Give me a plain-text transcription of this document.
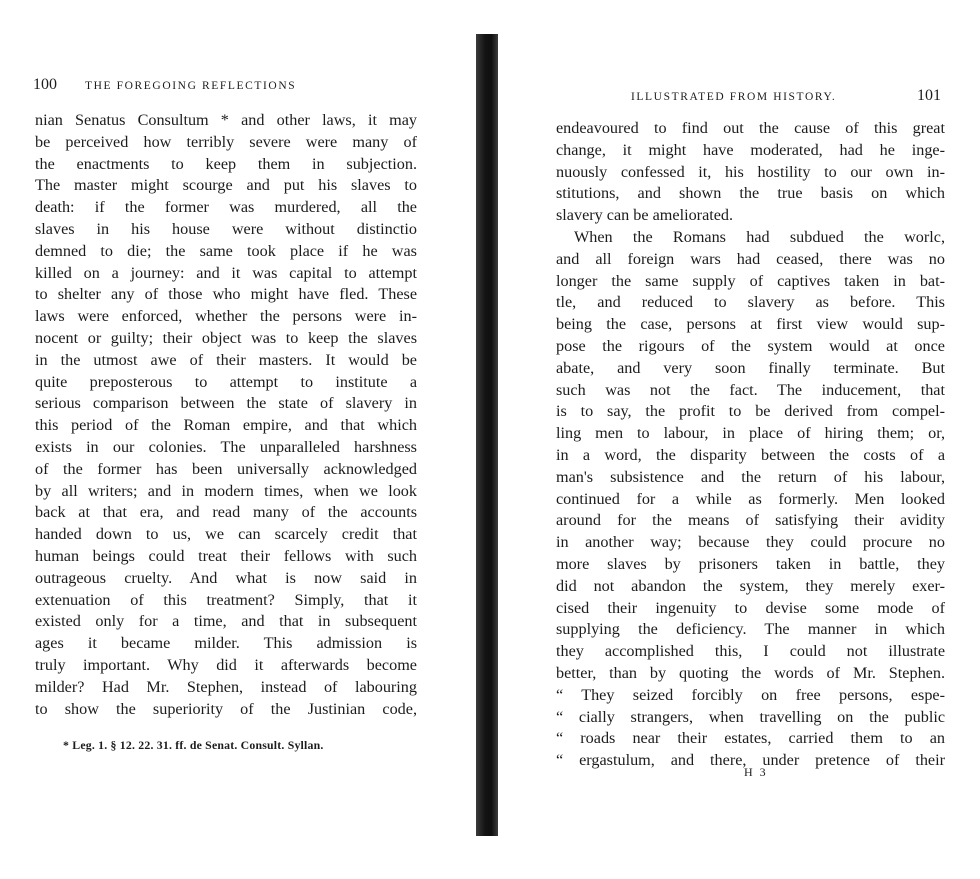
100 THE FOREGOING REFLECTIONS
nian Senatus Consultum * and other laws, it may
be perceived how terribly severe were many of
the enactments to keep them in subjection.
The master might scourge and put his slaves to
death: if the former was murdered, all the
slaves in his house were without distinctio
demned to die; the same took place if he was
killed on a journey: and it was capital to attempt
to shelter any of those who might have fled. These
laws were enforced, whether the persons were in-
nocent or guilty; their object was to keep the slaves
in the utmost awe of their masters. It would be
quite preposterous to attempt to institute a
serious comparison between the state of slavery in
this period of the Roman empire, and that which
exists in our colonies. The unparalleled harshness
of the former has been universally acknowledged
by all writers; and in modern times, when we look
back at that era, and read many of the accounts
handed down to us, we can scarcely credit that
human beings could treat their fellows with such
outrageous cruelty. And what is now said in
extenuation of this treatment? Simply, that it
existed only for a time, and that in subsequent
ages it became milder. This admission is
truly important. Why did it afterwards become
milder? Had Mr. Stephen, instead of labouring
to show the superiority of the Justinian code,
* Leg. 1. § 12. 22. 31. ff. de Senat. Consult. Syllan.
ILLUSTRATED FROM HISTORY.	101
endeavoured to find out the cause of this great
change, it might have moderated, had he inge-
nuously confessed it, his hostility to our own in-
stitutions, and shown the true basis on which
slavery can be ameliorated.
When the Romans had subdued the worlc,
and all foreign wars had ceased, there was no
longer the same supply of captives taken in bat-
tle, and reduced to slavery as before. This
being the case, persons at first view would sup-
pose the rigours of the system would at once
abate, and very soon finally terminate. But
such was not the fact. The inducement, that
is to say, the profit to be derived from compel-
ling men to labour, in place of hiring them; or,
in a word, the disparity between the costs of a
man's subsistence and the return of his labour,
continued for a while as formerly. Men looked
around for the means of satisfying their avidity
in another way; because they could procure no
more slaves by prisoners taken in battle, they
did not abandon the system, they merely exer-
cised their ingenuity to devise some mode of
supplying the deficiency. The manner in which
they accomplished this, I could not illustrate
better, than by quoting the words of Mr. Stephen.
“ They seized forcibly on free persons, espe-
“ cially strangers, when travelling on the public
“ roads near their estates, carried them to an
“ ergastulum, and there, under pretence of their
H 3
